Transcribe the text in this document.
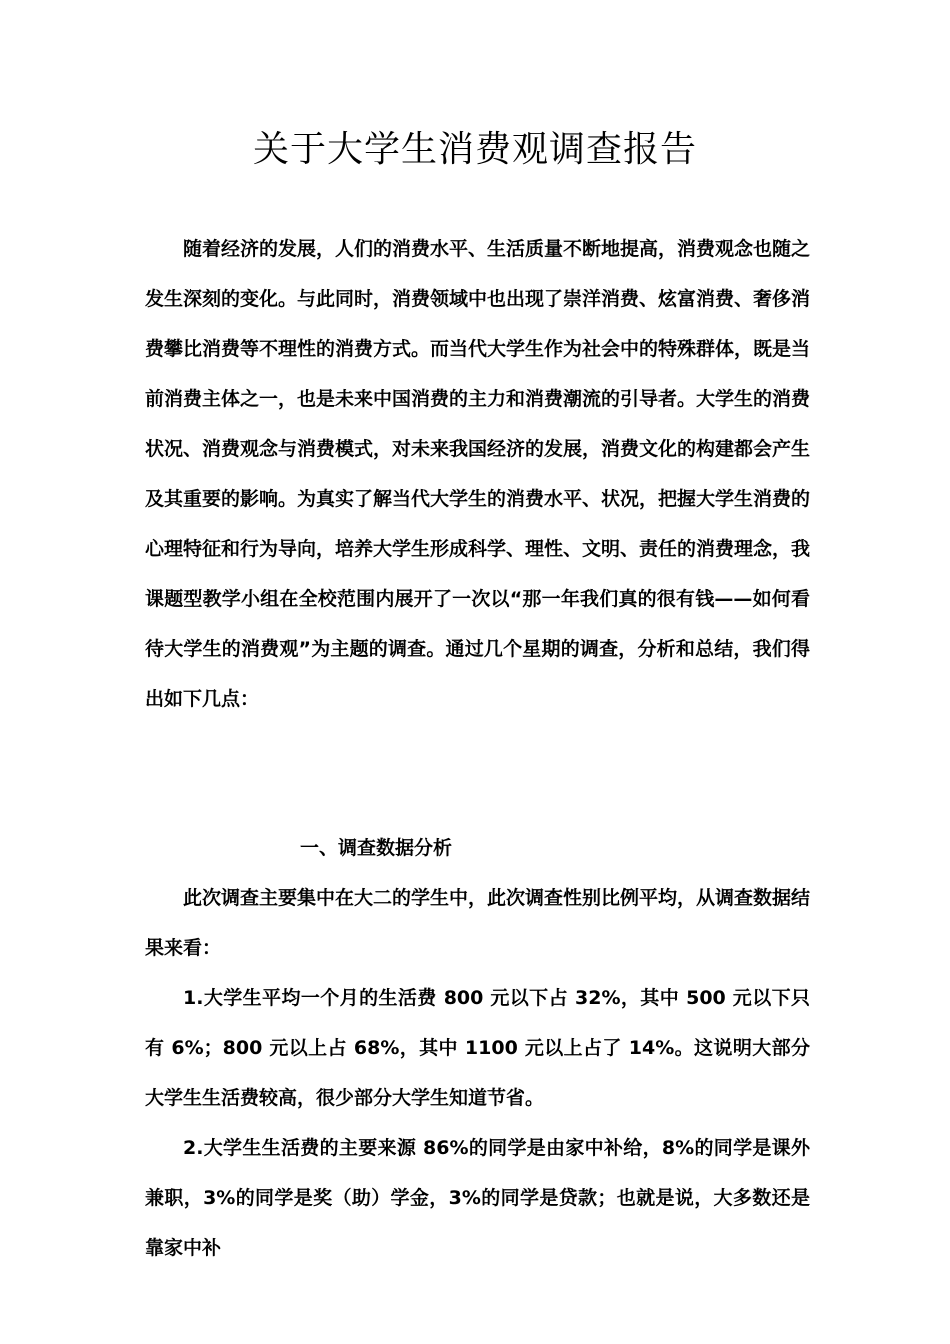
关于大学生消费观调查报告

随着经济的发展，人们的消费水平、生活质量不断地提高，消费观念也随之发生深刻的变化。与此同时，消费领域中也出现了崇洋消费、炫富消费、奢侈消费攀比消费等不理性的消费方式。而当代大学生作为社会中的特殊群体，既是当前消费主体之一，也是未来中国消费的主力和消费潮流的引导者。大学生的消费状况、消费观念与消费模式，对未来我国经济的发展，消费文化的构建都会产生及其重要的影响。为真实了解当代大学生的消费水平、状况，把握大学生消费的心理特征和行为导向，培养大学生形成科学、理性、文明、责任的消费理念，我课题型教学小组在全校范围内展开了一次以“那一年我们真的很有钱——如何看待大学生的消费观”为主题的调查。通过几个星期的调查，分析和总结，我们得出如下几点：

一、调查数据分析

此次调查主要集中在大二的学生中，此次调查性别比例平均，从调查数据结果来看：

1.大学生平均一个月的生活费 800 元以下占 32%，其中 500 元以下只有 6%；800 元以上占 68%，其中 1100 元以上占了 14%。这说明大部分大学生生活费较高，很少部分大学生知道节省。

2.大学生生活费的主要来源 86%的同学是由家中补给，8%的同学是课外兼职，3%的同学是奖（助）学金，3%的同学是贷款；也就是说，大多数还是靠家中补
